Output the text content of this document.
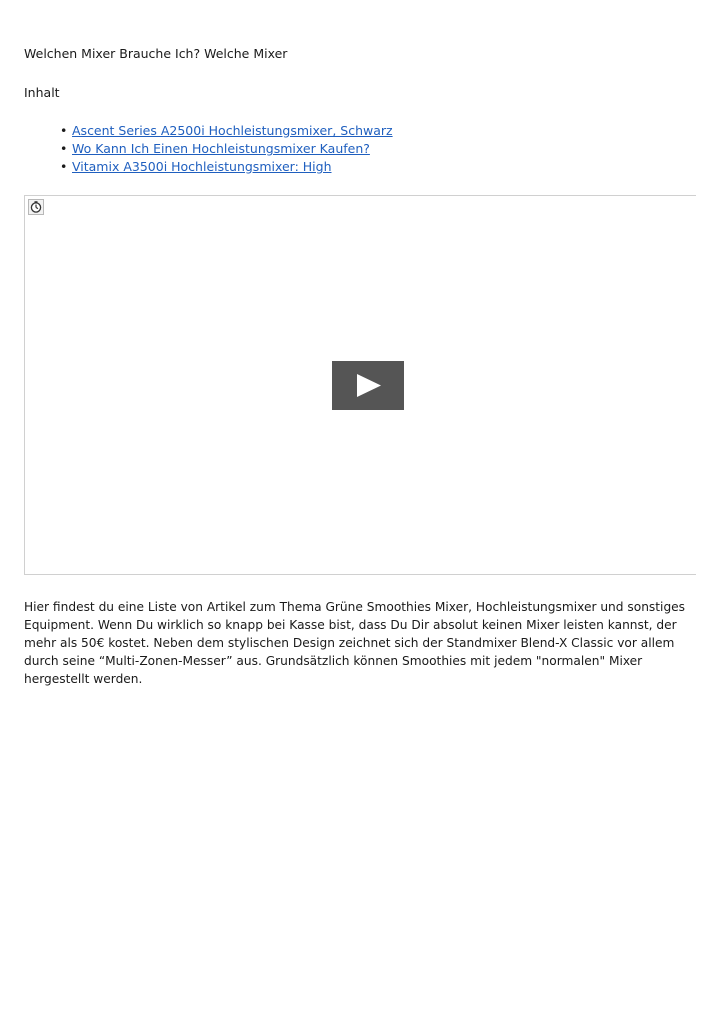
Welchen Mixer Brauche Ich? Welche Mixer
Inhalt
• Ascent Series A2500i Hochleistungsmixer, Schwarz
• Wo Kann Ich Einen Hochleistungsmixer Kaufen?
• Vitamix A3500i Hochleistungsmixer: High

Hier findest du eine Liste von Artikel zum Thema Grüne Smoothies Mixer, Hochleistungsmixer und sonstiges Equipment. Wenn Du wirklich so knapp bei Kasse bist, dass Du Dir absolut keinen Mixer leisten kannst, der mehr als 50€ kostet. Neben dem stylischen Design zeichnet sich der Standmixer Blend-X Classic vor allem durch seine “Multi-Zonen-Messer” aus. Grundsätzlich können Smoothies mit jedem "normalen" Mixer hergestellt werden.
